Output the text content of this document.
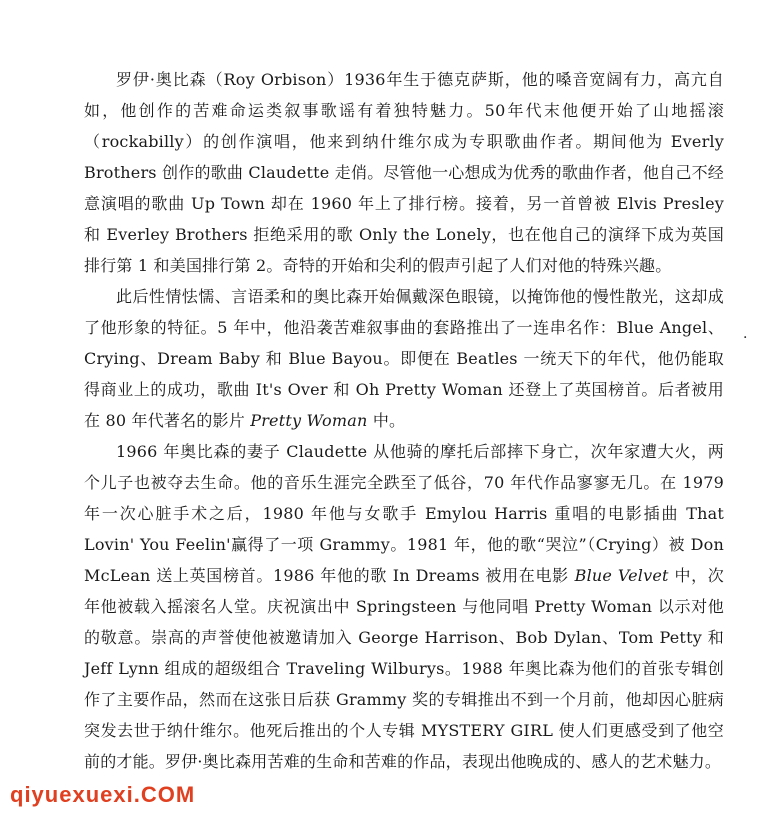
罗伊·奥比森（Roy Orbison）1936年生于德克萨斯，他的嗓音宽阔有力，高亢自如，他创作的苦难命运类叙事歌谣有着独特魅力。50年代末他便开始了山地摇滚（rockabilly）的创作演唱，他来到纳什维尔成为专职歌曲作者。期间他为 Everly Brothers 创作的歌曲 Claudette 走俏。尽管他一心想成为优秀的歌曲作者，他自己不经意演唱的歌曲 Up Town 却在 1960 年上了排行榜。接着，另一首曾被 Elvis Presley 和 Everley Brothers 拒绝采用的歌 Only the Lonely，也在他自己的演绎下成为英国排行第 1 和美国排行第 2。奇特的开始和尖利的假声引起了人们对他的特殊兴趣。

此后性情怯懦、言语柔和的奥比森开始佩戴深色眼镜，以掩饰他的慢性散光，这却成了他形象的特征。5 年中，他沿袭苦难叙事曲的套路推出了一连串名作：Blue Angel、Crying、Dream Baby 和 Blue Bayou。即便在 Beatles 一统天下的年代，他仍能取得商业上的成功，歌曲 It's Over 和 Oh Pretty Woman 还登上了英国榜首。后者被用在 80 年代著名的影片 Pretty Woman 中。

1966 年奥比森的妻子 Claudette 从他骑的摩托后部摔下身亡，次年家遭大火，两个儿子也被夺去生命。他的音乐生涯完全跌至了低谷，70 年代作品寥寥无几。在 1979 年一次心脏手术之后，1980 年他与女歌手 Emylou Harris 重唱的电影插曲 That Lovin' You Feelin'赢得了一项 Grammy。1981 年，他的歌“哭泣”（Crying）被 Don McLean 送上英国榜首。1986 年他的歌 In Dreams 被用在电影 Blue Velvet 中，次年他被载入摇滚名人堂。庆祝演出中 Springsteen 与他同唱 Pretty Woman 以示对他的敬意。崇高的声誉使他被邀请加入 George Harrison、Bob Dylan、Tom Petty 和 Jeff Lynn 组成的超级组合 Traveling Wilburys。1988 年奥比森为他们的首张专辑创作了主要作品，然而在这张日后获 Grammy 奖的专辑推出不到一个月前，他却因心脏病突发去世于纳什维尔。他死后推出的个人专辑 MYSTERY GIRL 使人们更感受到了他空前的才能。罗伊·奥比森用苦难的生命和苦难的作品，表现出他晚成的、感人的艺术魅力。

·
qiyuexuexi.COM
